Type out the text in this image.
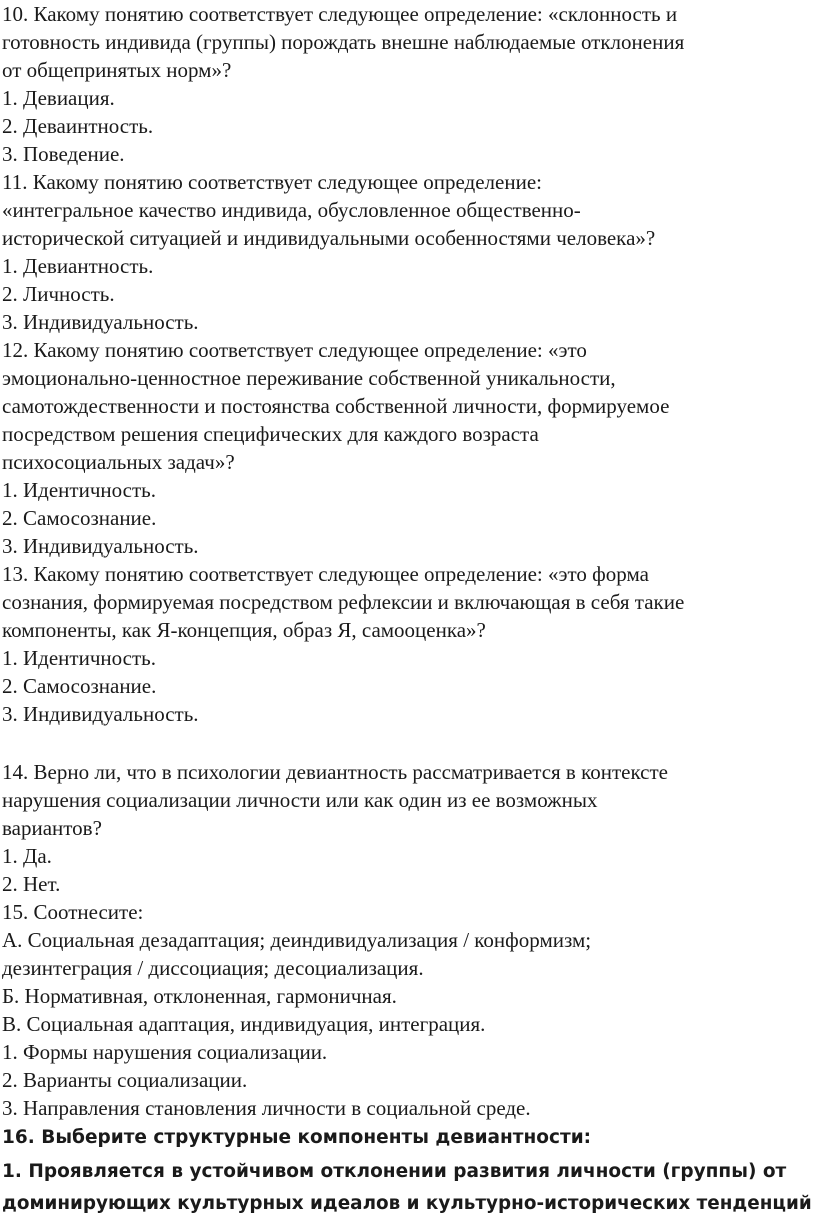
10. Какому понятию соответствует следующее определение: «склонность и
готовность индивида (группы) порождать внешне наблюдаемые отклонения
от общепринятых норм»?
1. Девиация.
2. Деваинтность.
3. Поведение.
11. Какому понятию соответствует следующее определение:
«интегральное качество индивида, обусловленное общественно-
исторической ситуацией и индивидуальными особенностями человека»?
1. Девиантность.
2. Личность.
3. Индивидуальность.
12. Какому понятию соответствует следующее определение: «это
эмоционально-ценностное переживание собственной уникальности,
самотождественности и постоянства собственной личности, формируемое
посредством решения специфических для каждого возраста
психосоциальных задач»?
1. Идентичность.
2. Самосознание.
3. Индивидуальность.
13. Какому понятию соответствует следующее определение: «это форма
сознания, формируемая посредством рефлексии и включающая в себя такие
компоненты, как Я-концепция, образ Я, самооценка»?
1. Идентичность.
2. Самосознание.
3. Индивидуальность.
14. Верно ли, что в психологии девиантность рассматривается в контексте
нарушения социализации личности или как один из ее возможных
вариантов?
1. Да.
2. Нет.
15. Соотнесите:
А. Социальная дезадаптация; деиндивидуализация / конформизм;
дезинтеграция / диссоциация; десоциализация.
Б. Нормативная, отклоненная, гармоничная.
В. Социальная адаптация, индивидуация, интеграция.
1. Формы нарушения социализации.
2. Варианты социализации.
3. Направления становления личности в социальной среде.
16. Выберите структурные компоненты девиантности:
1. Проявляется в устойчивом отклонении развития личности (группы) от
доминирующих культурных идеалов и культурно-исторических тенденций
